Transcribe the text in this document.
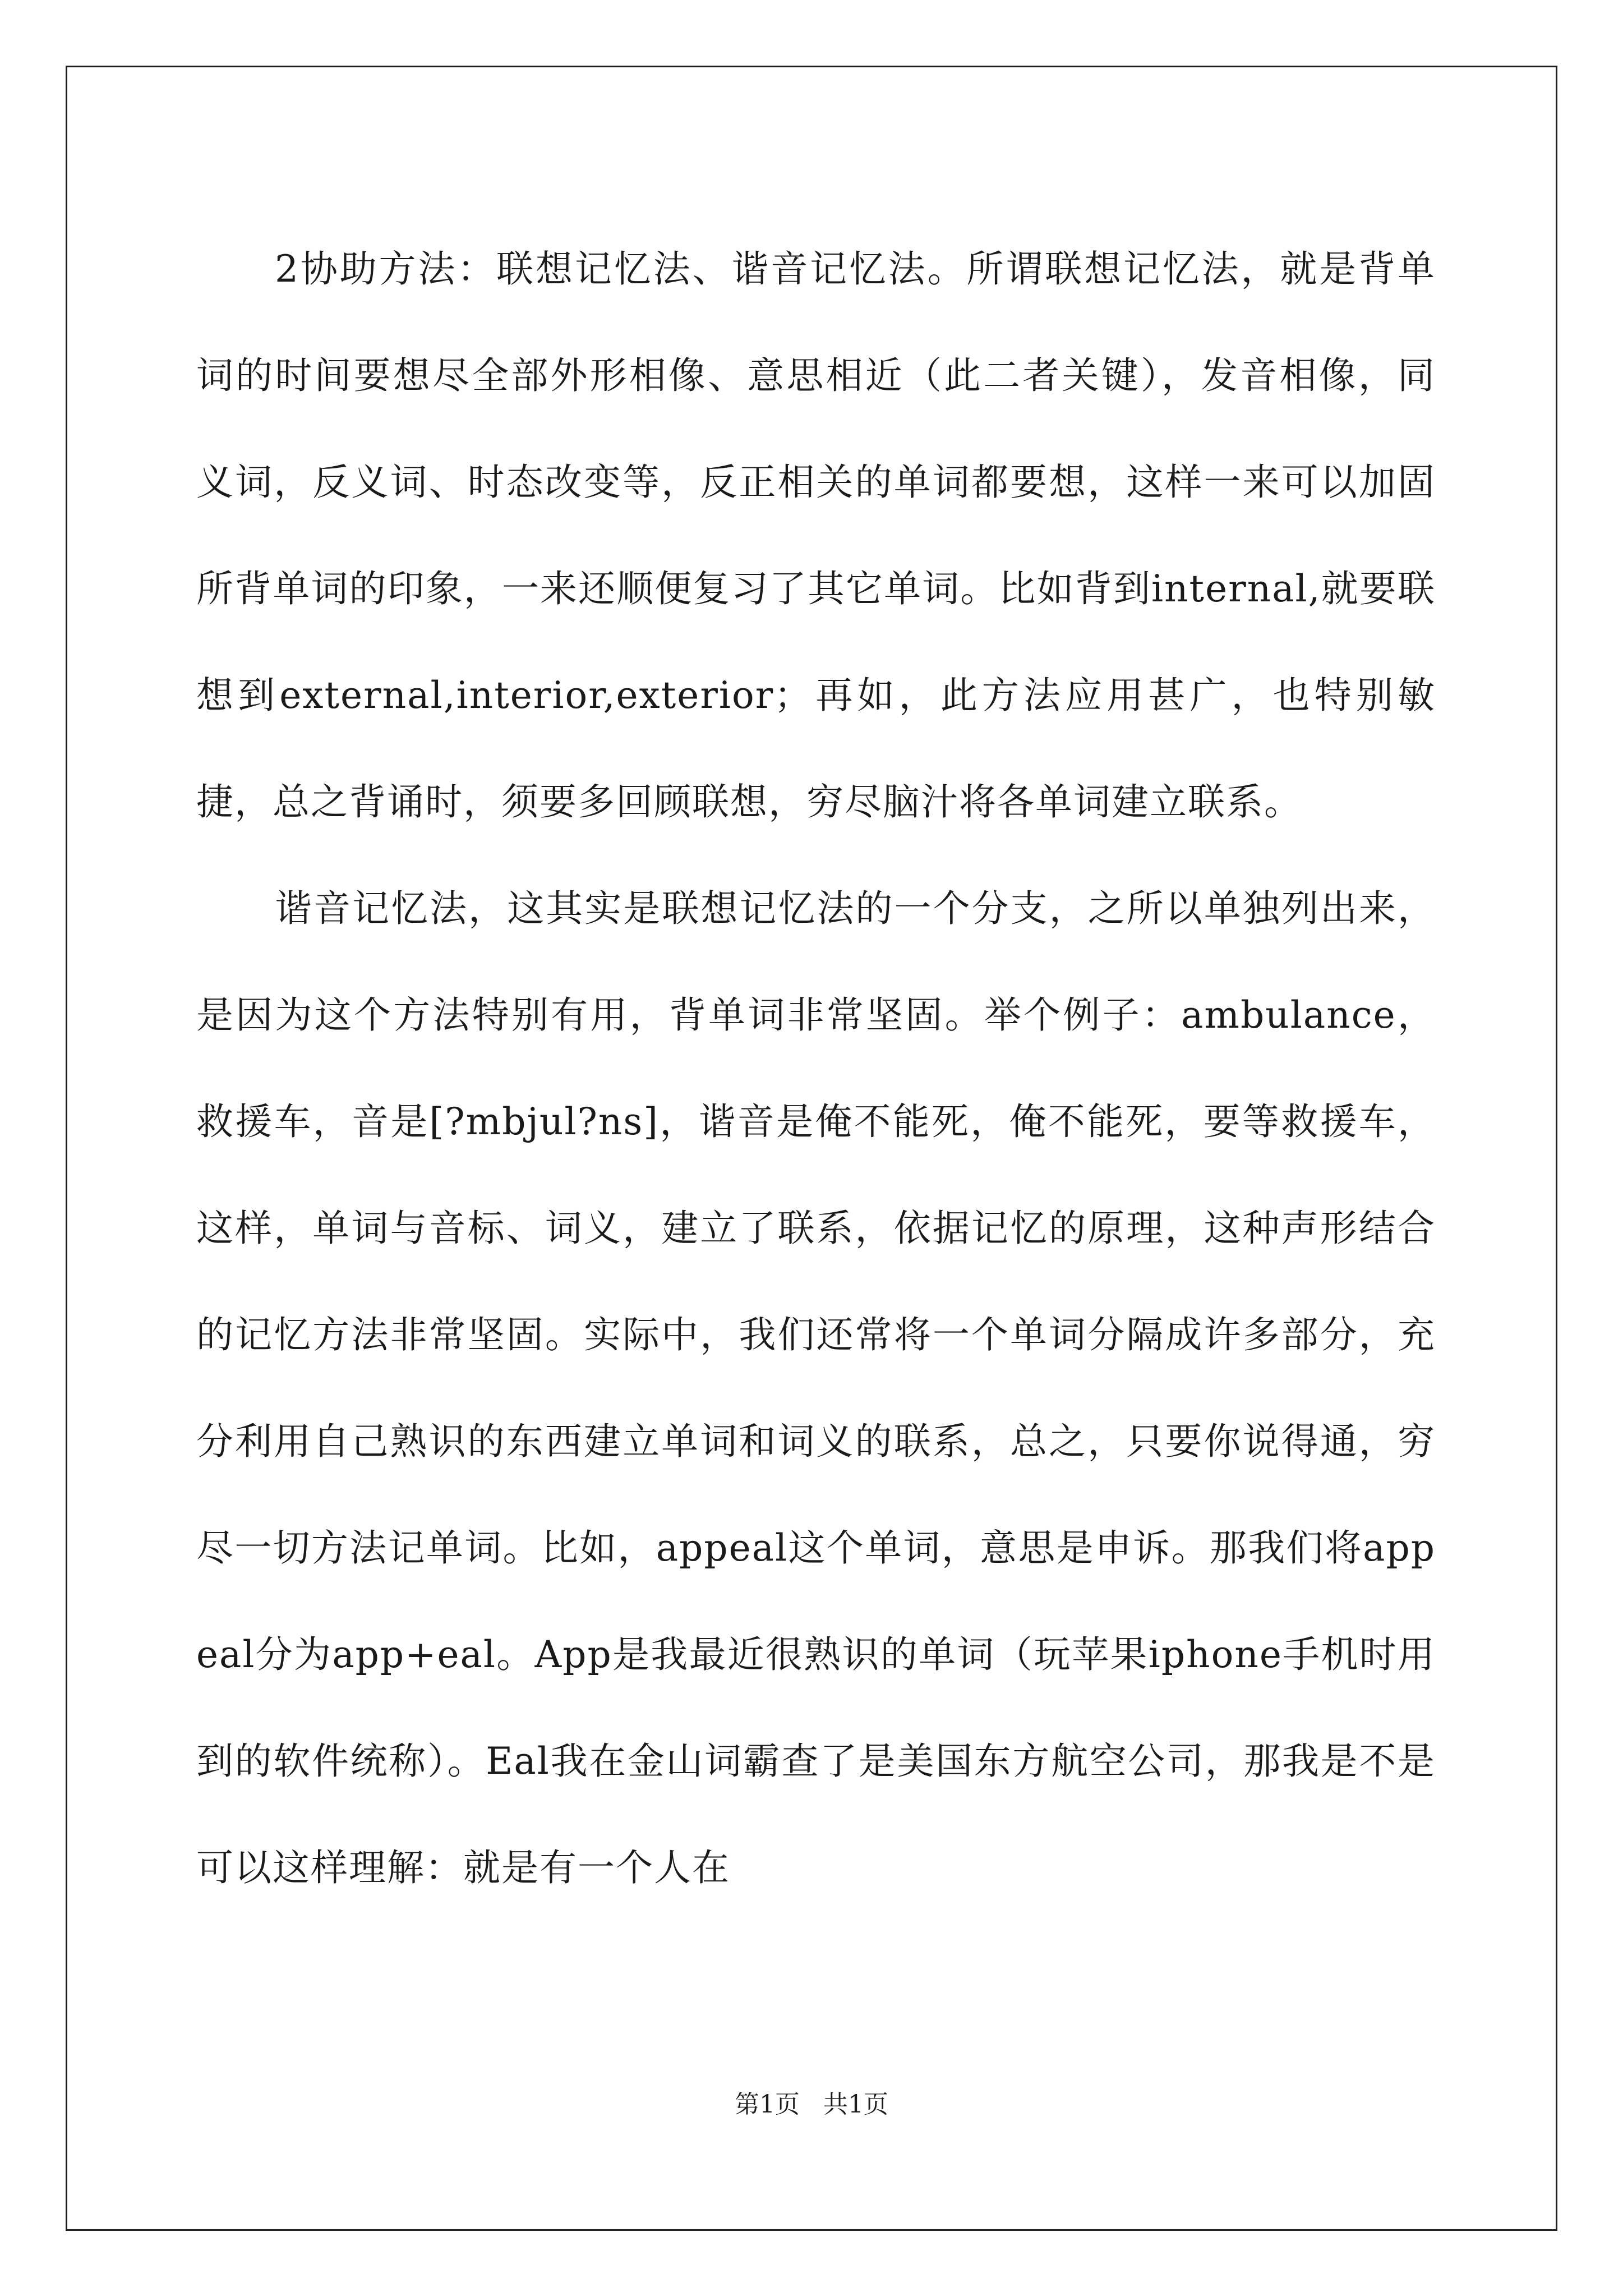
2协助方法：联想记忆法、谐音记忆法。所谓联想记忆法，就是背单词的时间要想尽全部外形相像、意思相近（此二者关键），发音相像，同义词，反义词、时态改变等，反正相关的单词都要想，这样一来可以加固所背单词的印象，一来还顺便复习了其它单词。比如背到internal,就要联想到external,interior,exterior；再如，此方法应用甚广，也特别敏捷，总之背诵时，须要多回顾联想，穷尽脑汁将各单词建立联系。

谐音记忆法，这其实是联想记忆法的一个分支，之所以单独列出来，是因为这个方法特别有用，背单词非常坚固。举个例子：ambulance，救援车，音是[?mbjul?ns]，谐音是俺不能死，俺不能死，要等救援车，这样，单词与音标、词义，建立了联系，依据记忆的原理，这种声形结合的记忆方法非常坚固。实际中，我们还常将一个单词分隔成许多部分，充分利用自己熟识的东西建立单词和词义的联系，总之，只要你说得通，穷尽一切方法记单词。比如，appeal这个单词，意思是申诉。那我们将appeal分为app+eal。App是我最近很熟识的单词（玩苹果iphone手机时用到的软件统称）。Eal我在金山词霸查了是美国东方航空公司，那我是不是可以这样理解：就是有一个人在

第1页   共1页
